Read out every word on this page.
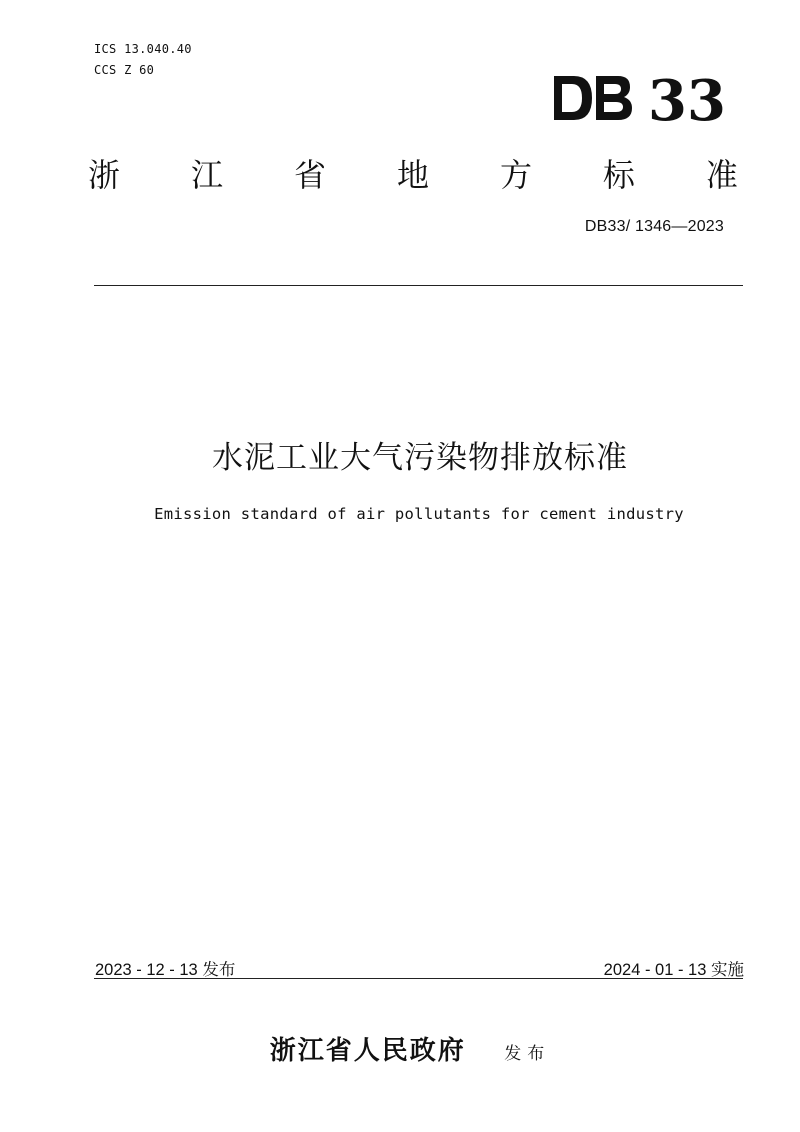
ICS 13.040.40
CCS Z 60	33
浙 江 省 地 方 标 准
DB33/ 1346—2023
水泥工业大气污染物排放标准
Emission standard of air pollutants for cement industry
2023 - 12 - 13 发布	2024 - 01 - 13 实施
浙江省人民政府 发布
